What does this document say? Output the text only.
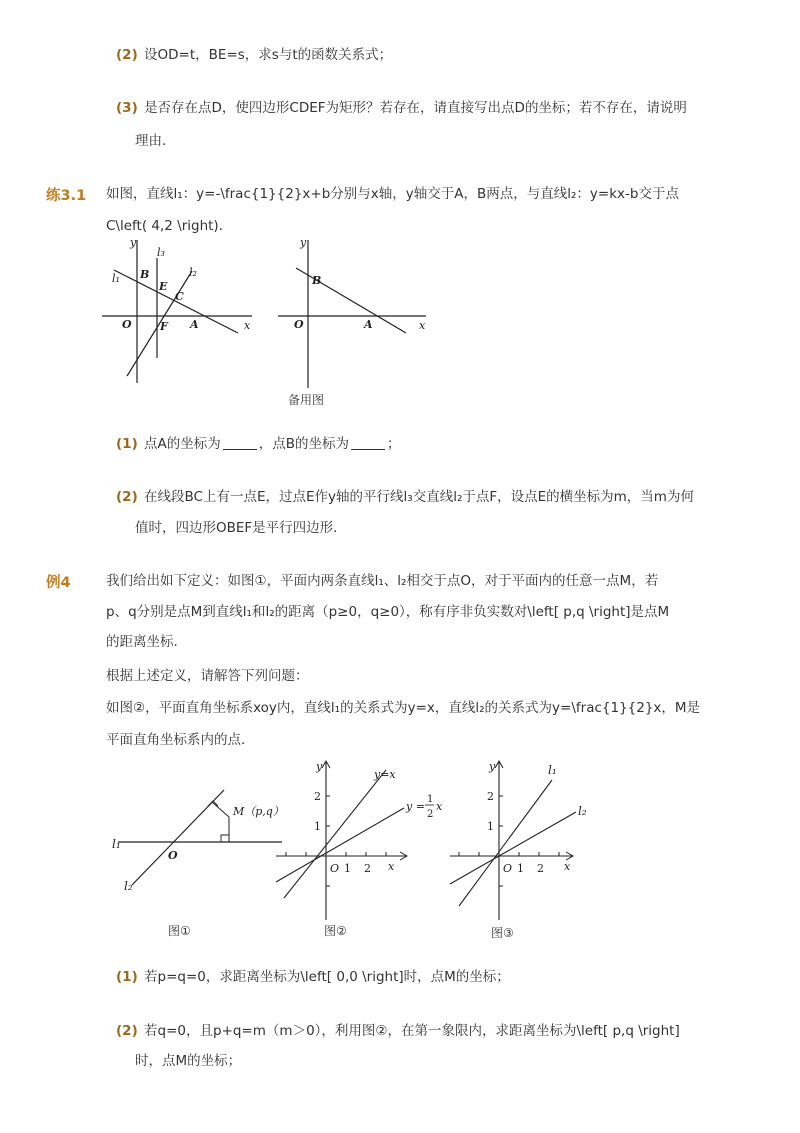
(2) 设OD=t，BE=s，求s与t的函数关系式；
(3) 是否存在点D，使四边形CDEF为矩形？若存在，请直接写出点D的坐标；若不存在，请说明
理由．
练3.1 如图，直线l₁：y=-\frac{1}{2}x+b分别与x轴，y轴交于A，B两点，与直线l₂：y=kx-b交于点
C\left( 4,2 \right)．
y
l₁
l₃
l₂
B
E
C
O	F A	x
y
B
O	A	x
备用图
(1) 点A的坐标为	，点B的坐标为	；
(2) 在线段BC上有一点E，过点E作y轴的平行线l₃交直线l₂于点F，设点E的横坐标为m，当m为何
值时，四边形OBEF是平行四边形．
例4	我们给出如下定义：如图①，平面内两条直线l₁、l₂相交于点O，对于平面内的任意一点M，若
p、q分别是点M到直线l₁和l₂的距离（p≥0，q≥0），称有序非负实数对\left[ p,q \right]是点M
的距离坐标．
根据上述定义，请解答下列问题：
如图②，平面直角坐标系xoy内，直线l₁的关系式为y=x，直线l₂的关系式为y=\frac{1}{2}x，M是
平面直角坐标系内的点．
l₁
l₂
O
M（p,q）
图①
y
2
1
O 1 2 x
y=x
y =
1
2
x
图②
y
2
1
O 1 2 x
l₁
l₂
图③
(1) 若p=q=0，求距离坐标为\left[ 0,0 \right]时，点M的坐标；
(2) 若q=0，且p+q=m（m＞0），利用图②，在第一象限内，求距离坐标为\left[ p,q \right]
时，点M的坐标；
